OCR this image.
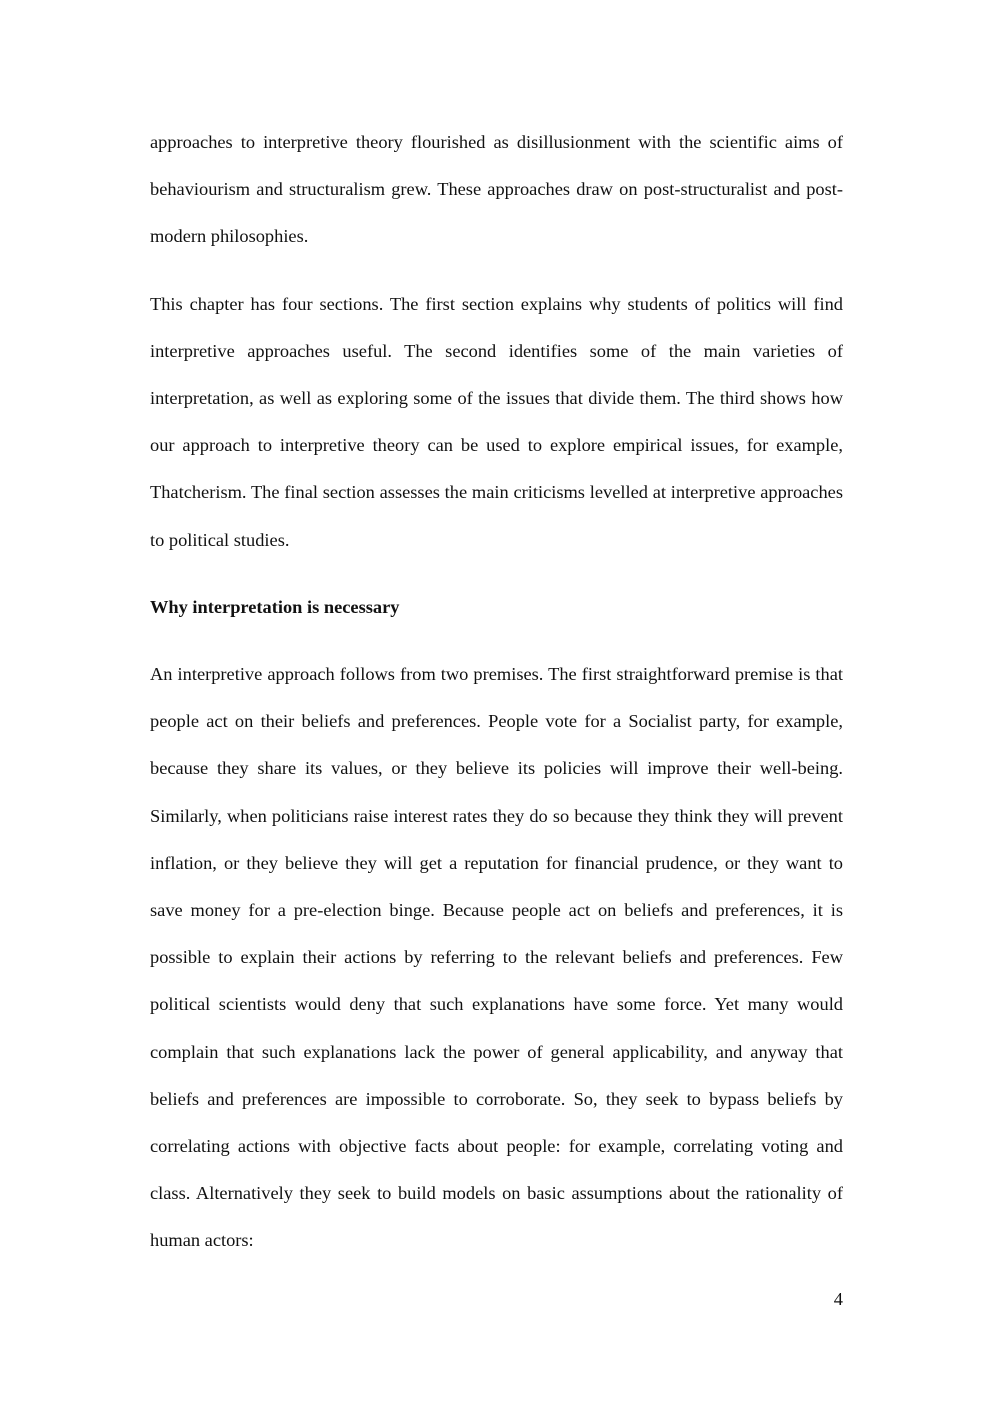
approaches to interpretive theory flourished as disillusionment with the scientific aims of behaviourism and structuralism grew. These approaches draw on post-structuralist and post-modern philosophies.

This chapter has four sections. The first section explains why students of politics will find interpretive approaches useful. The second identifies some of the main varieties of interpretation, as well as exploring some of the issues that divide them. The third shows how our approach to interpretive theory can be used to explore empirical issues, for example, Thatcherism. The final section assesses the main criticisms levelled at interpretive approaches to political studies.

Why interpretation is necessary

An interpretive approach follows from two premises. The first straightforward premise is that people act on their beliefs and preferences. People vote for a Socialist party, for example, because they share its values, or they believe its policies will improve their well-being. Similarly, when politicians raise interest rates they do so because they think they will prevent inflation, or they believe they will get a reputation for financial prudence, or they want to save money for a pre-election binge. Because people act on beliefs and preferences, it is possible to explain their actions by referring to the relevant beliefs and preferences. Few political scientists would deny that such explanations have some force. Yet many would complain that such explanations lack the power of general applicability, and anyway that beliefs and preferences are impossible to corroborate. So, they seek to bypass beliefs by correlating actions with objective facts about people: for example, correlating voting and class. Alternatively they seek to build models on basic assumptions about the rationality of human actors:

4
